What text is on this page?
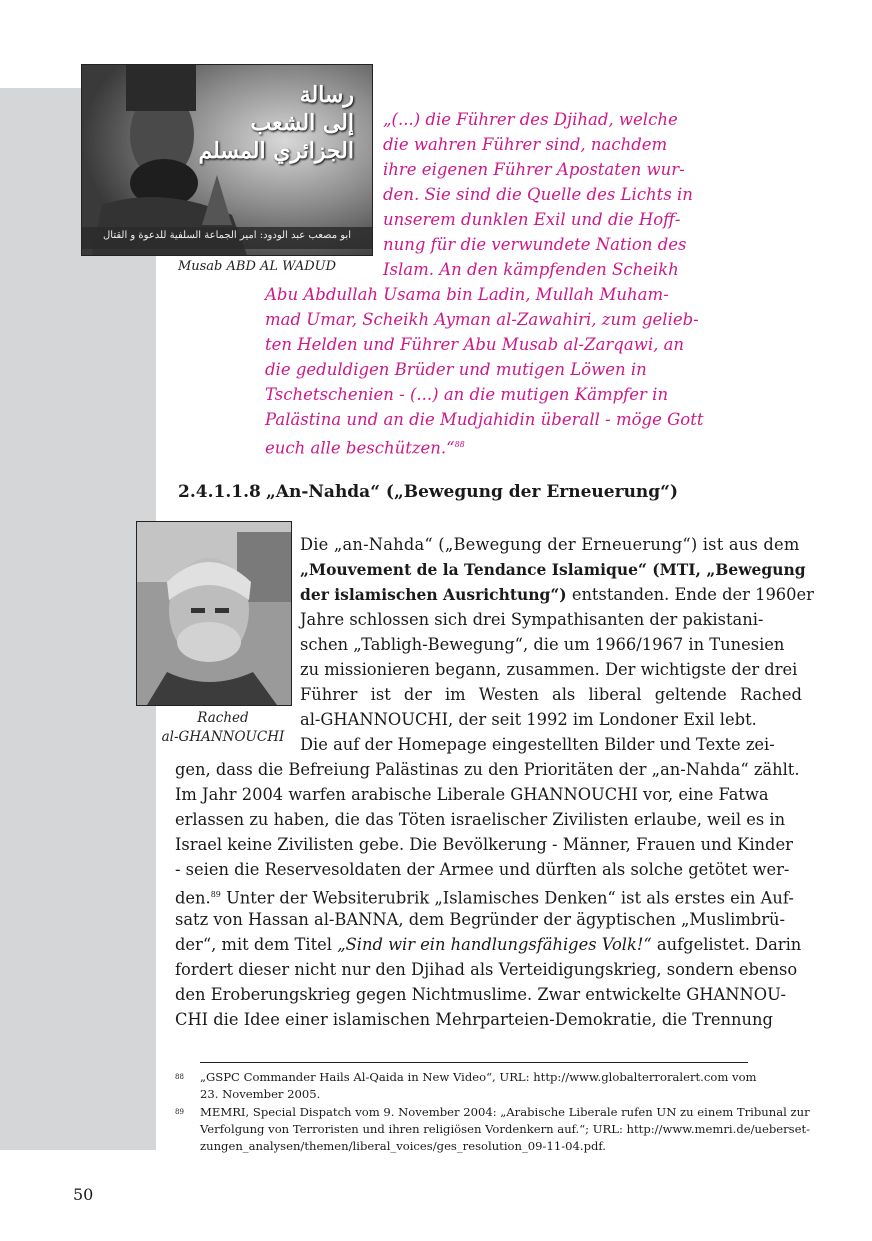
رسالة
إلى الشعب
الجزائري المسلم
أبو مصعب عبد الودود: أمير الجماعة السلفية للدعوة و القتال
Musab ABD AL WADUD
„(...) die Führer des Djihad, welche
die wahren Führer sind, nachdem
ihre eigenen Führer Apostaten wur-
den. Sie sind die Quelle des Lichts in
unserem dunklen Exil und die Hoff-
nung für die verwundete Nation des
Islam. An den kämpfenden Scheikh
Abu Abdullah Usama bin Ladin, Mullah Muham-
mad Umar, Scheikh Ayman al-Zawahiri, zum gelieb-
ten Helden und Führer Abu Musab al-Zarqawi, an
die geduldigen Brüder und mutigen Löwen in
Tschetschenien - (...) an die mutigen Kämpfer in
Palästina und an die Mudjahidin überall - möge Gott
euch alle beschützen.“$^{88}$
2.4.1.1.8 „An-Nahda“ („Bewegung der Erneuerung“)
Rached
al-GHANNOUCHI
Die „an-Nahda“ („Bewegung der Erneuerung“) ist aus dem
„Mouvement de la Tendance Islamique“ (MTI, „Bewegung
der islamischen Ausrichtung“) entstanden. Ende der 1960er
Jahre schlossen sich drei Sympathisanten der pakistani-
schen „Tabligh-Bewegung“, die um 1966/1967 in Tunesien
zu missionieren begann, zusammen. Der wichtigste der drei
Führer ist der im Westen als liberal geltende Rached
al-GHANNOUCHI, der seit 1992 im Londoner Exil lebt.
Die auf der Homepage eingestellten Bilder und Texte zei-
gen, dass die Befreiung Palästinas zu den Prioritäten der „an-Nahda“ zählt.
Im Jahr 2004 warfen arabische Liberale GHANNOUCHI vor, eine Fatwa
erlassen zu haben, die das Töten israelischer Zivilisten erlaube, weil es in
Israel keine Zivilisten gebe. Die Bevölkerung - Männer, Frauen und Kinder
- seien die Reservesoldaten der Armee und dürften als solche getötet wer-
den.$^{89}$ Unter der Websiterubrik „Islamisches Denken“ ist als erstes ein Auf-
satz von Hassan al-BANNA, dem Begründer der ägyptischen „Muslimbrü-
der“, mit dem Titel „Sind wir ein handlungsfähiges Volk!“ aufgelistet. Darin
fordert dieser nicht nur den Djihad als Verteidigungskrieg, sondern ebenso
den Eroberungskrieg gegen Nichtmuslime. Zwar entwickelte GHANNOU-
CHI die Idee einer islamischen Mehrparteien-Demokratie, die Trennung
88 „GSPC Commander Hails Al-Qaida in New Video“, URL: http://www.globalterroralert.com vom
23. November 2005.
89 MEMRI, Special Dispatch vom 9. November 2004: „Arabische Liberale rufen UN zu einem Tribunal zur
Verfolgung von Terroristen und ihren religiösen Vordenkern auf.“; URL: http://www.memri.de/ueberset-
zungen_analysen/themen/liberal_voices/ges_resolution_09-11-04.pdf.
50
